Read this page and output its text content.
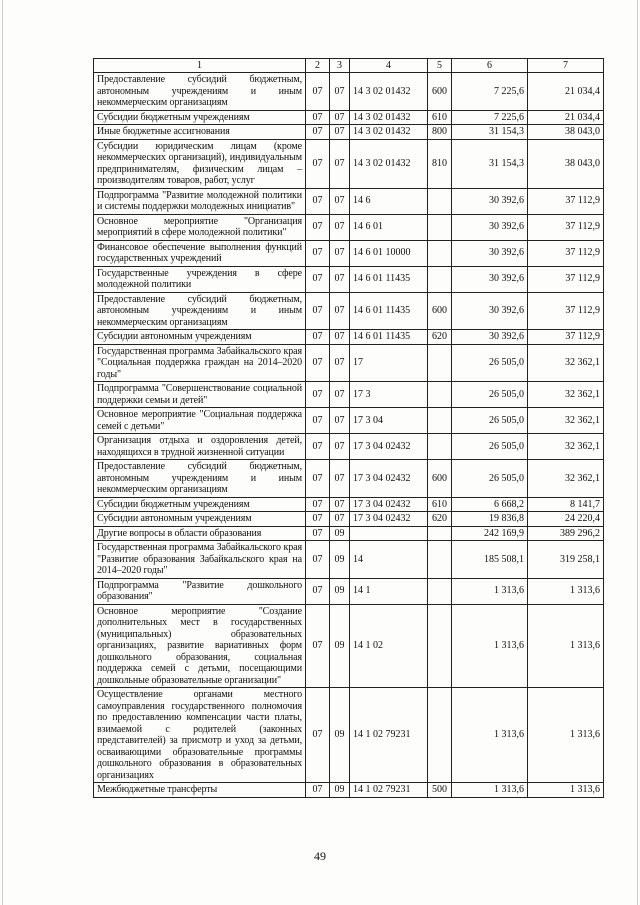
1	2	3	4	5	6	7
Предоставление субсидий бюджетным, автономным учреждениям и иным некоммерческим организациям	07	07	14 3 02 01432	600	7 225,6	21 034,4
Субсидии бюджетным учреждениям	07	07	14 3 02 01432	610	7 225,6	21 034,4
Иные бюджетные ассигнования	07	07	14 3 02 01432	800	31 154,3	38 043,0
Субсидии юридическим лицам (кроме некоммерческих организаций), индивидуальным предпринимателям, физическим лицам – производителям товаров, работ, услуг	07	07	14 3 02 01432	810	31 154,3	38 043,0
Подпрограмма "Развитие молодежной политики и системы поддержки молодежных инициатив"	07	07	14 6		30 392,6	37 112,9
Основное мероприятие "Организация мероприятий в сфере молодежной политики"	07	07	14 6 01		30 392,6	37 112,9
Финансовое обеспечение выполнения функций государственных учреждений	07	07	14 6 01 10000		30 392,6	37 112,9
Государственные учреждения в сфере молодежной политики	07	07	14 6 01 11435		30 392,6	37 112,9
Предоставление субсидий бюджетным, автономным учреждениям и иным некоммерческим организациям	07	07	14 6 01 11435	600	30 392,6	37 112,9
Субсидии автономным учреждениям	07	07	14 6 01 11435	620	30 392,6	37 112,9
Государственная программа Забайкальского края "Социальная поддержка граждан на 2014–2020 годы"	07	07	17		26 505,0	32 362,1
Подпрограмма "Совершенствование социальной поддержки семьи и детей"	07	07	17 3		26 505,0	32 362,1
Основное мероприятие "Социальная поддержка семей с детьми"	07	07	17 3 04		26 505,0	32 362,1
Организация отдыха и оздоровления детей, находящихся в трудной жизненной ситуации	07	07	17 3 04 02432		26 505,0	32 362,1
Предоставление субсидий бюджетным, автономным учреждениям и иным некоммерческим организациям	07	07	17 3 04 02432	600	26 505,0	32 362,1
Субсидии бюджетным учреждениям	07	07	17 3 04 02432	610	6 668,2	8 141,7
Субсидии автономным учреждениям	07	07	17 3 04 02432	620	19 836,8	24 220,4
Другие вопросы в области образования	07	09			242 169,9	389 296,2
Государственная программа Забайкальского края "Развитие образования Забайкальского края на 2014–2020 годы"	07	09	14		185 508,1	319 258,1
Подпрограмма "Развитие дошкольного образования"	07	09	14 1		1 313,6	1 313,6
Основное мероприятие "Создание дополнительных мест в государственных (муниципальных) образовательных организациях, развитие вариативных форм дошкольного образования, социальная поддержка семей с детьми, посещающими дошкольные образовательные организации"	07	09	14 1 02		1 313,6	1 313,6
Осуществление органами местного самоуправления государственного полномочия по предоставлению компенсации части платы, взимаемой с родителей (законных представителей) за присмотр и уход за детьми, осваивающими образовательные программы дошкольного образования в образовательных организациях	07	09	14 1 02 79231		1 313,6	1 313,6
Межбюджетные трансферты	07	09	14 1 02 79231	500	1 313,6	1 313,6
49
